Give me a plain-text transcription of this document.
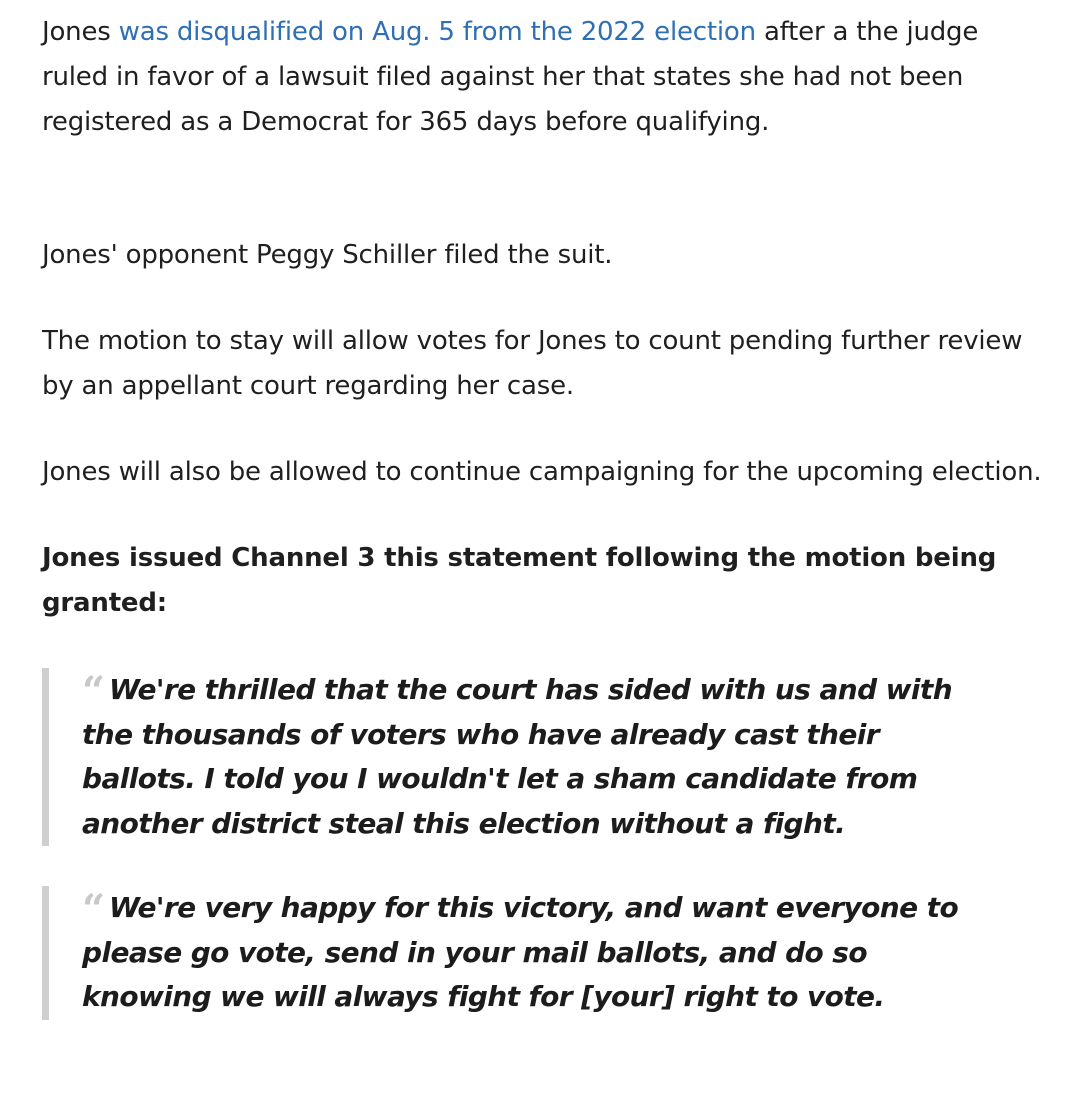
Jones was disqualified on Aug. 5 from the 2022 election after a the judge ruled in favor of a lawsuit filed against her that states she had not been registered as a Democrat for 365 days before qualifying.

Jones' opponent Peggy Schiller filed the suit.

The motion to stay will allow votes for Jones to count pending further review by an appellant court regarding her case.

Jones will also be allowed to continue campaigning for the upcoming election.

Jones issued Channel 3 this statement following the motion being granted:

“ We're thrilled that the court has sided with us and with the thousands of voters who have already cast their ballots. I told you I wouldn't let a sham candidate from another district steal this election without a fight.
“ We're very happy for this victory, and want everyone to please go vote, send in your mail ballots, and do so knowing we will always fight for [your] right to vote.
